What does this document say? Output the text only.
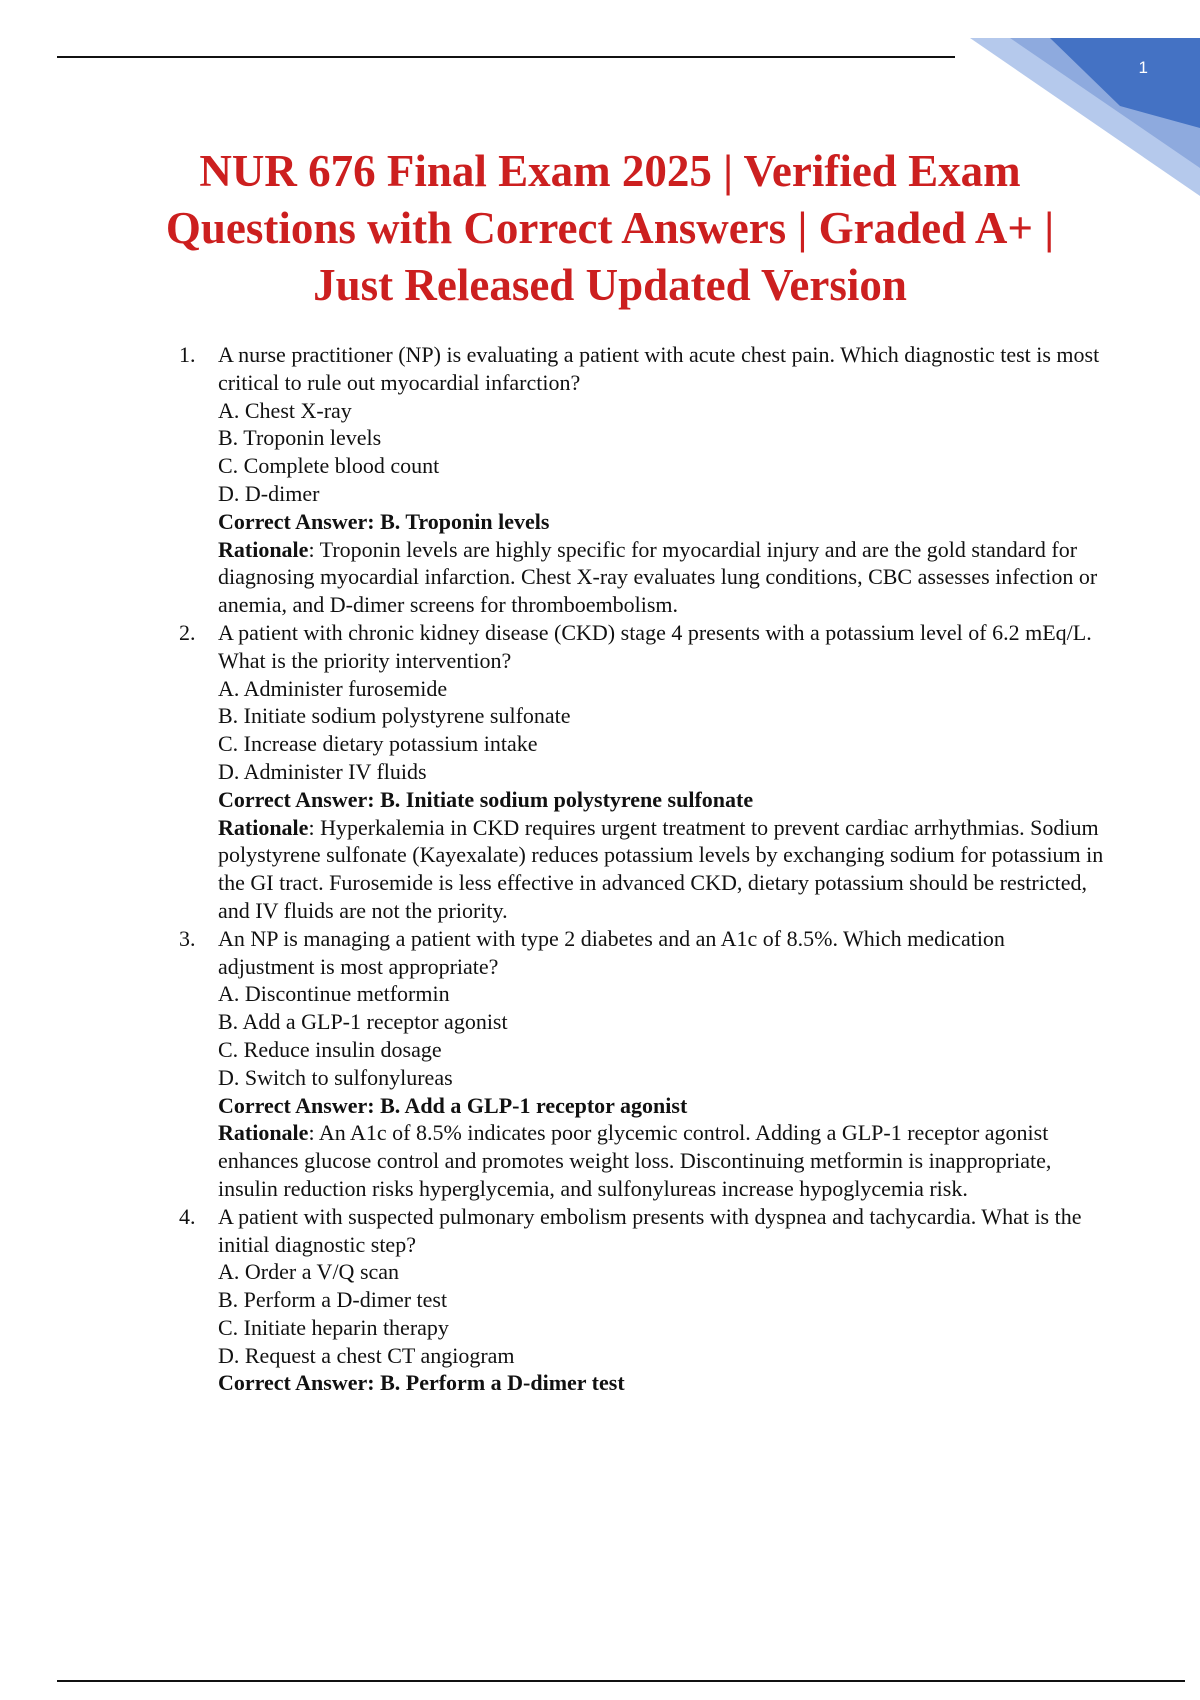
1
NUR 676 Final Exam 2025 | Verified Exam Questions with Correct Answers | Graded A+ | Just Released Updated Version
1. A nurse practitioner (NP) is evaluating a patient with acute chest pain. Which diagnostic test is most critical to rule out myocardial infarction?
A. Chest X-ray
B. Troponin levels
C. Complete blood count
D. D-dimer
Correct Answer: B. Troponin levels
Rationale: Troponin levels are highly specific for myocardial injury and are the gold standard for diagnosing myocardial infarction. Chest X-ray evaluates lung conditions, CBC assesses infection or anemia, and D-dimer screens for thromboembolism.
2. A patient with chronic kidney disease (CKD) stage 4 presents with a potassium level of 6.2 mEq/L. What is the priority intervention?
A. Administer furosemide
B. Initiate sodium polystyrene sulfonate
C. Increase dietary potassium intake
D. Administer IV fluids
Correct Answer: B. Initiate sodium polystyrene sulfonate
Rationale: Hyperkalemia in CKD requires urgent treatment to prevent cardiac arrhythmias. Sodium polystyrene sulfonate (Kayexalate) reduces potassium levels by exchanging sodium for potassium in the GI tract. Furosemide is less effective in advanced CKD, dietary potassium should be restricted, and IV fluids are not the priority.
3. An NP is managing a patient with type 2 diabetes and an A1c of 8.5%. Which medication adjustment is most appropriate?
A. Discontinue metformin
B. Add a GLP-1 receptor agonist
C. Reduce insulin dosage
D. Switch to sulfonylureas
Correct Answer: B. Add a GLP-1 receptor agonist
Rationale: An A1c of 8.5% indicates poor glycemic control. Adding a GLP-1 receptor agonist enhances glucose control and promotes weight loss. Discontinuing metformin is inappropriate, insulin reduction risks hyperglycemia, and sulfonylureas increase hypoglycemia risk.
4. A patient with suspected pulmonary embolism presents with dyspnea and tachycardia. What is the initial diagnostic step?
A. Order a V/Q scan
B. Perform a D-dimer test
C. Initiate heparin therapy
D. Request a chest CT angiogram
Correct Answer: B. Perform a D-dimer test
